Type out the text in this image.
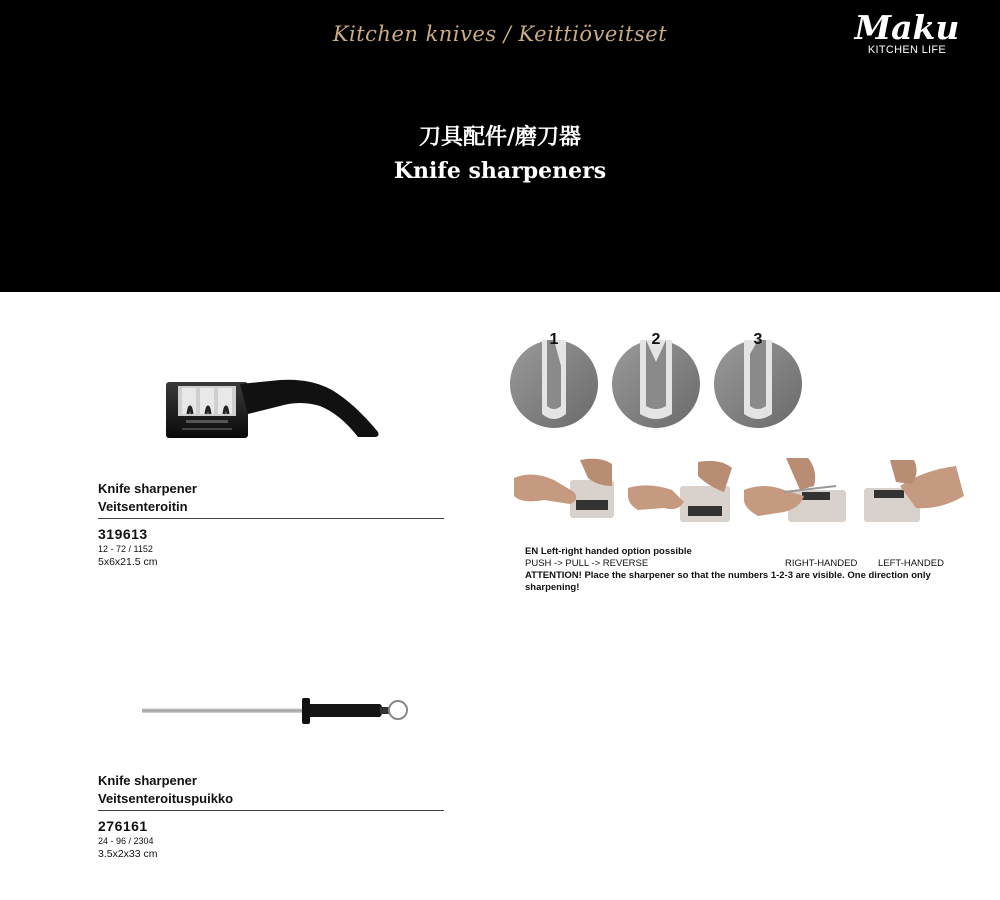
Kitchen knives / Keittiöveitset	Maku
KITCHEN LIFE
刀具配件/磨刀器
Knife sharpeners
Knife sharpener
Veitsenteroitin
319613
12 - 72 / 1152
5x6x21.5 cm
1	2	3
EN Left-right handed option possible
PUSH -> PULL -> REVERSE	RIGHT-HANDED LEFT-HANDED
ATTENTION! Place the sharpener so that the numbers 1-2-3 are visible. One direction only sharpening!
Knife sharpener
Veitsenteroituspuikko
276161
24 - 96 / 2304
3.5x2x33 cm
